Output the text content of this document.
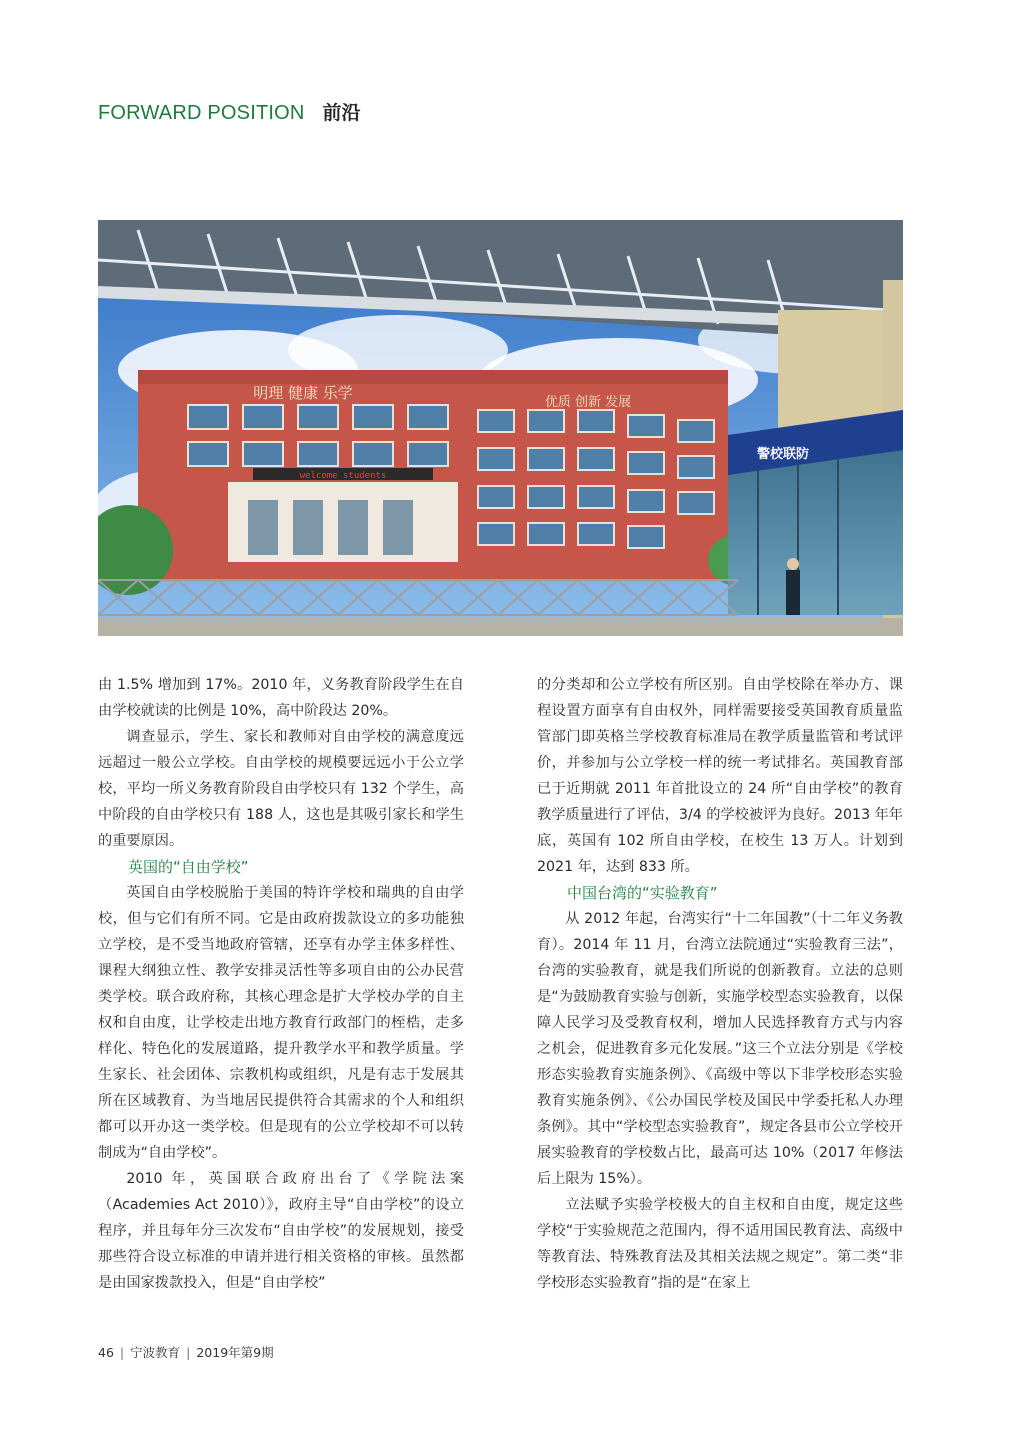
FORWARD POSITION 前沿
welcome students
明理 健康 乐学
优质 创新 发展
警校联防

由 1.5% 增加到 17%。2010 年，义务教育阶段学生在自由学校就读的比例是 10%，高中阶段达 20%。

调查显示，学生、家长和教师对自由学校的满意度远远超过一般公立学校。自由学校的规模要远远小于公立学校，平均一所义务教育阶段自由学校只有 132 个学生，高中阶段的自由学校只有 188 人，这也是其吸引家长和学生的重要原因。

英国的“自由学校”

英国自由学校脱胎于美国的特许学校和瑞典的自由学校，但与它们有所不同。它是由政府拨款设立的多功能独立学校，是不受当地政府管辖，还享有办学主体多样性、课程大纲独立性、教学安排灵活性等多项自由的公办民营类学校。联合政府称，其核心理念是扩大学校办学的自主权和自由度，让学校走出地方教育行政部门的桎梏，走多样化、特色化的发展道路，提升教学水平和教学质量。学生家长、社会团体、宗教机构或组织，凡是有志于发展其所在区域教育、为当地居民提供符合其需求的个人和组织都可以开办这一类学校。但是现有的公立学校却不可以转制成为“自由学校”。

2010 年，英国联合政府出台了《学院法案（Academies Act 2010）》，政府主导“自由学校”的设立程序，并且每年分三次发布“自由学校”的发展规划，接受那些符合设立标准的申请并进行相关资格的审核。虽然都是由国家拨款投入，但是“自由学校”

的分类却和公立学校有所区别。自由学校除在举办方、课程设置方面享有自由权外，同样需要接受英国教育质量监管部门即英格兰学校教育标准局在教学质量监管和考试评价，并参加与公立学校一样的统一考试排名。英国教育部已于近期就 2011 年首批设立的 24 所“自由学校”的教育教学质量进行了评估，3/4 的学校被评为良好。2013 年年底，英国有 102 所自由学校，在校生 13 万人。计划到 2021 年，达到 833 所。

中国台湾的“实验教育”

从 2012 年起，台湾实行“十二年国教”（十二年义务教育）。2014 年 11 月，台湾立法院通过“实验教育三法”，台湾的实验教育，就是我们所说的创新教育。立法的总则是“为鼓励教育实验与创新，实施学校型态实验教育，以保障人民学习及受教育权利，增加人民选择教育方式与内容之机会，促进教育多元化发展。”这三个立法分别是《学校形态实验教育实施条例》、《高级中等以下非学校形态实验教育实施条例》、《公办国民学校及国民中学委托私人办理条例》。其中“学校型态实验教育”，规定各县市公立学校开展实验教育的学校数占比，最高可达 10%（2017 年修法后上限为 15%）。

立法赋予实验学校极大的自主权和自由度，规定这些学校“于实验规范之范围内，得不适用国民教育法、高级中等教育法、特殊教育法及其相关法规之规定”。第二类“非学校形态实验教育”指的是“在家上

46 | 宁波教育 | 2019年第9期
